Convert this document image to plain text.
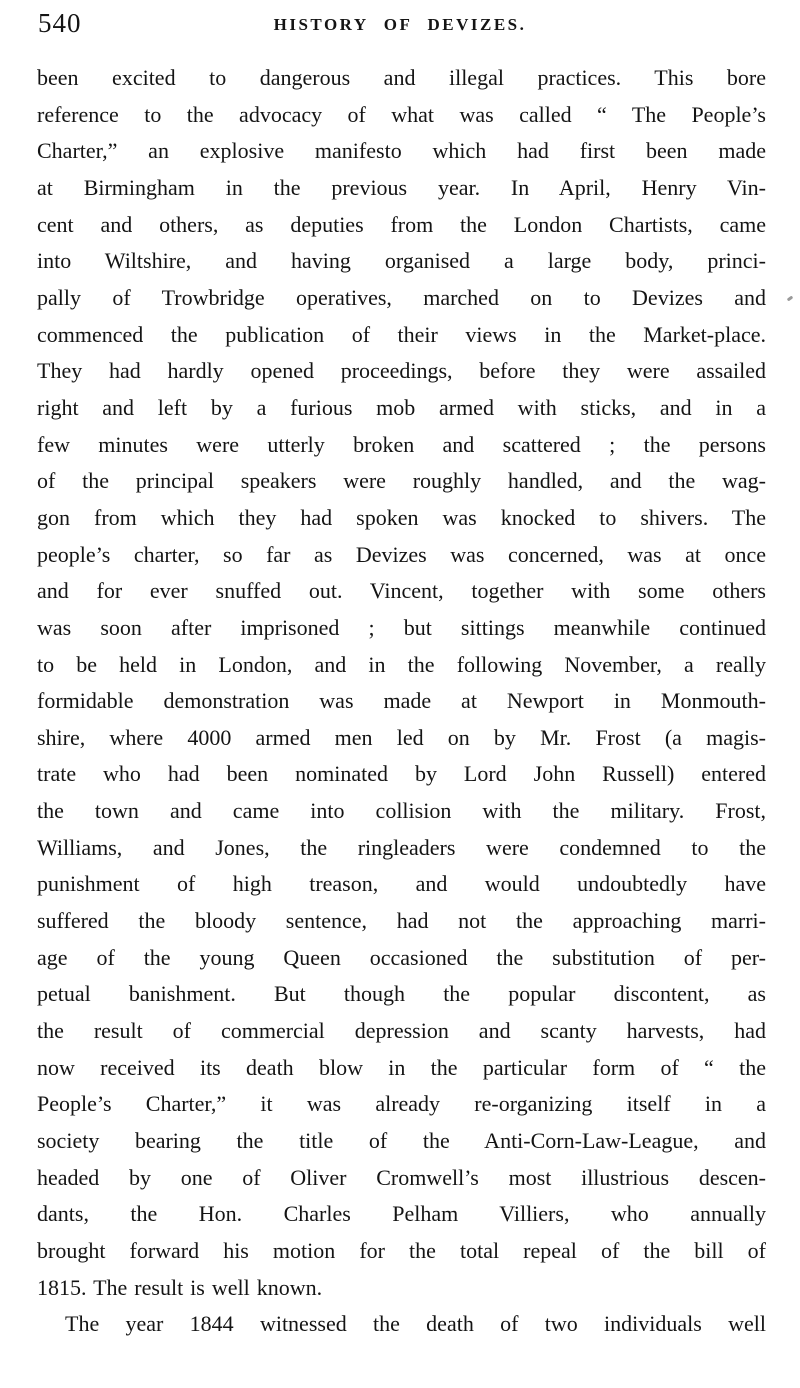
540	HISTORY OF DEVIZES.
been excited to dangerous and illegal practices. This bore
reference to the advocacy of what was called “ The People’s
Charter,” an explosive manifesto which had first been made
at Birmingham in the previous year. In April, Henry Vin-
cent and others, as deputies from the London Chartists, came
into Wiltshire, and having organised a large body, princi-
pally of Trowbridge operatives, marched on to Devizes and
commenced the publication of their views in the Market-place.
They had hardly opened proceedings, before they were assailed
right and left by a furious mob armed with sticks, and in a
few minutes were utterly broken and scattered ; the persons
of the principal speakers were roughly handled, and the wag-
gon from which they had spoken was knocked to shivers. The
people’s charter, so far as Devizes was concerned, was at once
and for ever snuffed out. Vincent, together with some others
was soon after imprisoned ; but sittings meanwhile continued
to be held in London, and in the following November, a really
formidable demonstration was made at Newport in Monmouth-
shire, where 4000 armed men led on by Mr. Frost (a magis-
trate who had been nominated by Lord John Russell) entered
the town and came into collision with the military. Frost,
Williams, and Jones, the ringleaders were condemned to the
punishment of high treason, and would undoubtedly have
suffered the bloody sentence, had not the approaching marri-
age of the young Queen occasioned the substitution of per-
petual banishment. But though the popular discontent, as
the result of commercial depression and scanty harvests, had
now received its death blow in the particular form of “ the
People’s Charter,” it was already re-organizing itself in a
society bearing the title of the Anti-Corn-Law-League, and
headed by one of Oliver Cromwell’s most illustrious descen-
dants, the Hon. Charles Pelham Villiers, who annually
brought forward his motion for the total repeal of the bill of
1815. The result is well known.
The year 1844 witnessed the death of two individuals well
